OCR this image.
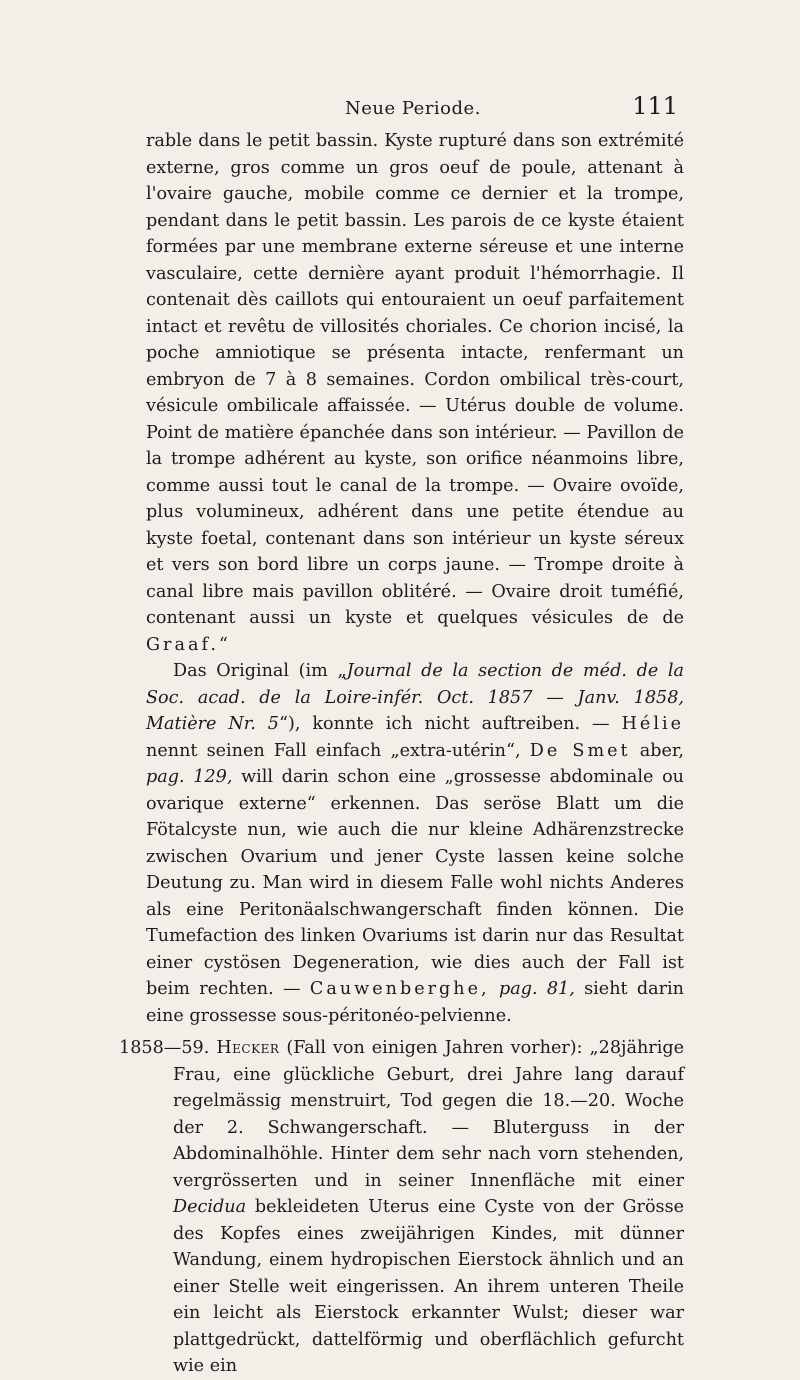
Neue Periode.	111

rable dans le petit bassin. Kyste rupturé dans son extrémité externe, gros comme un gros oeuf de poule, attenant à l'ovaire gauche, mobile comme ce dernier et la trompe, pendant dans le petit bassin. Les parois de ce kyste étaient formées par une membrane externe séreuse et une interne vasculaire, cette dernière ayant produit l'hémorrhagie. Il contenait dès caillots qui entouraient un oeuf parfaitement intact et revêtu de villosités choriales. Ce chorion incisé, la poche amniotique se présenta intacte, renfermant un embryon de 7 à 8 semaines. Cordon ombilical très-court, vésicule ombilicale affaissée. — Utérus double de volume. Point de matière épanchée dans son intérieur. — Pavillon de la trompe adhérent au kyste, son orifice néanmoins libre, comme aussi tout le canal de la trompe. — Ovaire ovoïde, plus volumineux, adhérent dans une petite étendue au kyste foetal, contenant dans son intérieur un kyste séreux et vers son bord libre un corps jaune. — Trompe droite à canal libre mais pavillon oblitéré. — Ovaire droit tuméfié, contenant aussi un kyste et quelques vésicules de de Graaf.“

Das Original (im „Journal de la section de méd. de la Soc. acad. de la Loire-infér. Oct. 1857 — Janv. 1858, Matière Nr. 5“), konnte ich nicht auftreiben. — Hélie nennt seinen Fall einfach „extra-utérin“, De Smet aber, pag. 129, will darin schon eine „grossesse abdominale ou ovarique externe“ erkennen. Das seröse Blatt um die Fötalcyste nun, wie auch die nur kleine Adhärenzstrecke zwischen Ovarium und jener Cyste lassen keine solche Deutung zu. Man wird in diesem Falle wohl nichts Anderes als eine Peritonäalschwangerschaft finden können. Die Tumefaction des linken Ovariums ist darin nur das Resultat einer cystösen Degeneration, wie dies auch der Fall ist beim rechten. — Cauwenberghe, pag. 81, sieht darin eine grossesse sous-péritonéo-pelvienne.

1858—59. Hecker (Fall von einigen Jahren vorher): „28jährige Frau, eine glückliche Geburt, drei Jahre lang darauf regelmässig menstruirt, Tod gegen die 18.—20. Woche der 2. Schwangerschaft. — Bluterguss in der Abdominalhöhle. Hinter dem sehr nach vorn stehenden, vergrösserten und in seiner Innenfläche mit einer Decidua bekleideten Uterus eine Cyste von der Grösse des Kopfes eines zweijährigen Kindes, mit dünner Wandung, einem hydropischen Eierstock ähnlich und an einer Stelle weit eingerissen. An ihrem unteren Theile ein leicht als Eierstock erkannter Wulst; dieser war plattgedrückt, dattelförmig und oberflächlich gefurcht wie ein
